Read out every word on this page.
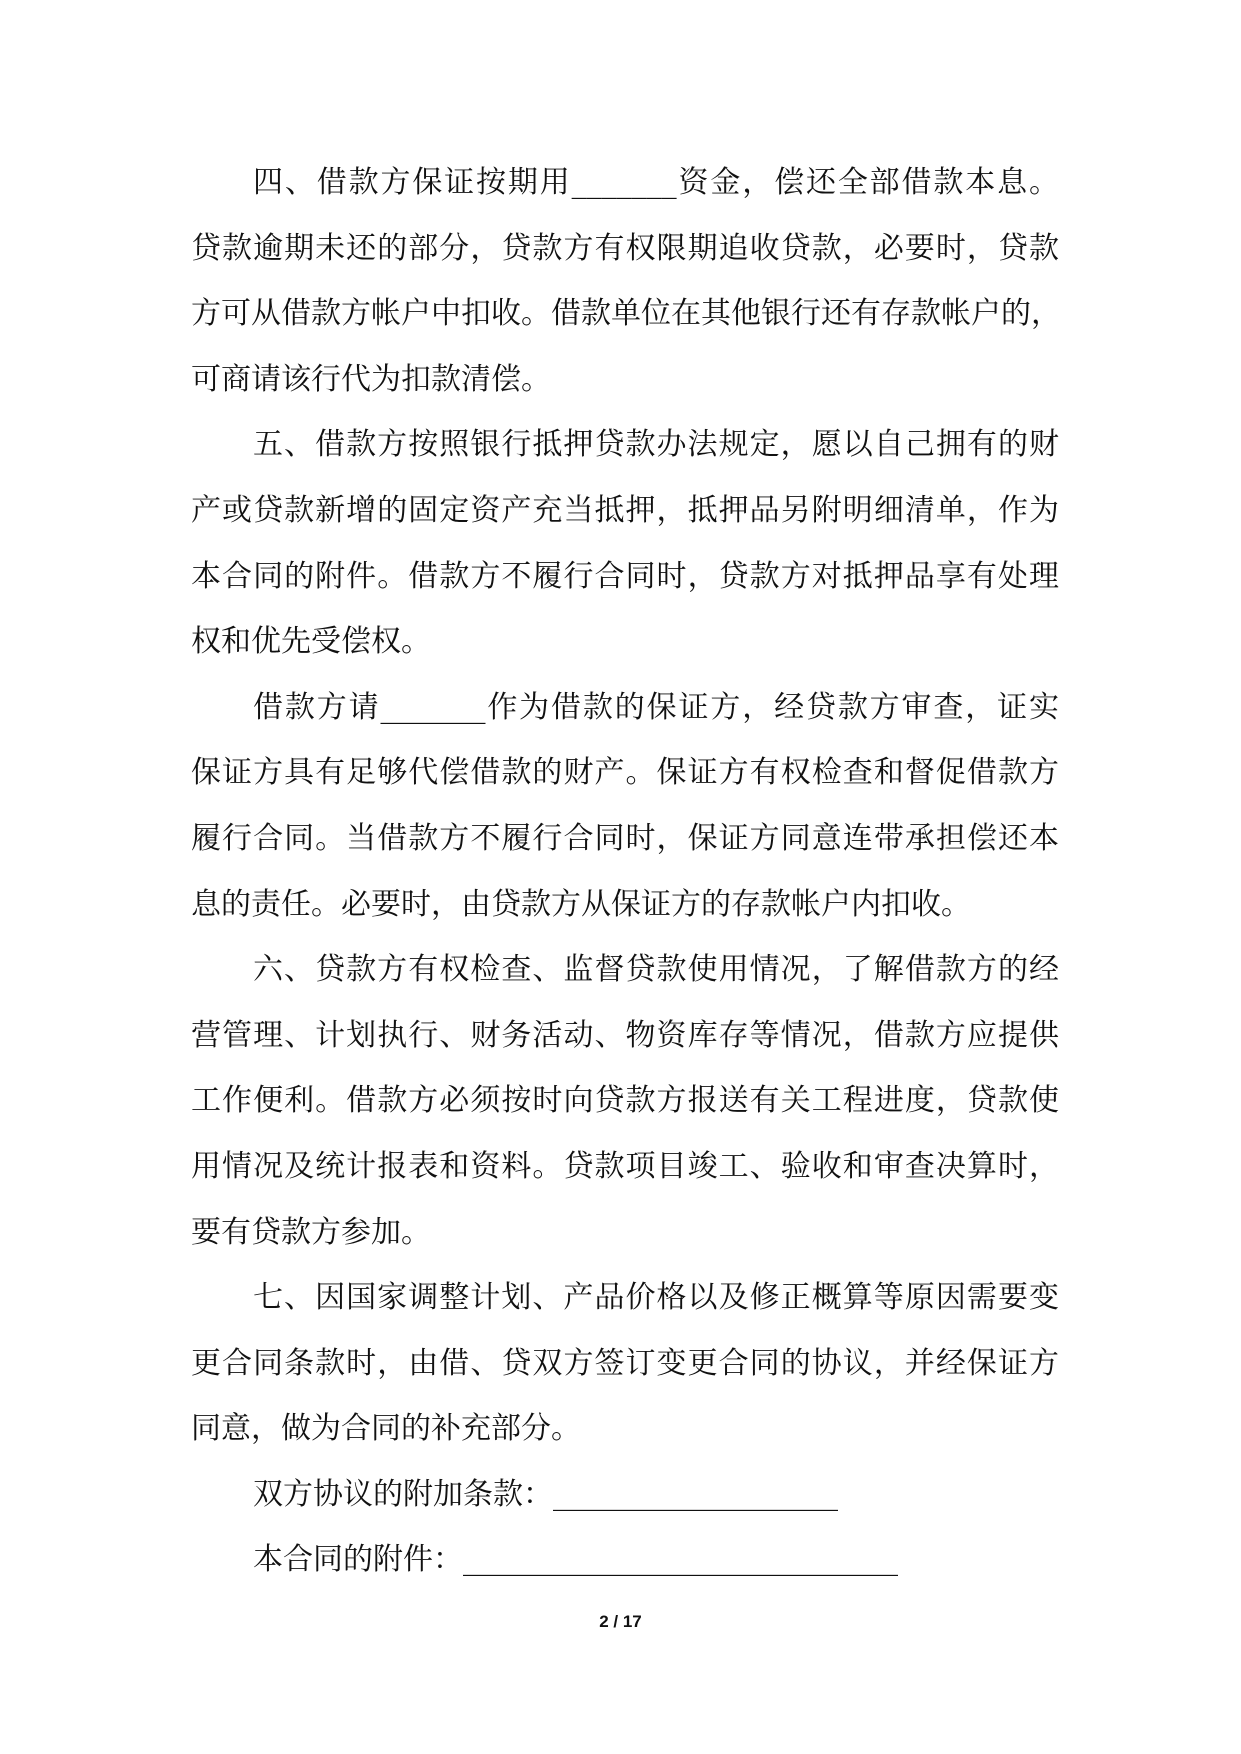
四、借款方保证按期用_______资金，偿还全部借款本息。
贷款逾期未还的部分，贷款方有权限期追收贷款，必要时，贷款
方可从借款方帐户中扣收。借款单位在其他银行还有存款帐户的，
可商请该行代为扣款清偿。
五、借款方按照银行抵押贷款办法规定，愿以自己拥有的财
产或贷款新增的固定资产充当抵押，抵押品另附明细清单，作为
本合同的附件。借款方不履行合同时，贷款方对抵押品享有处理
权和优先受偿权。
借款方请_______作为借款的保证方，经贷款方审查，证实
保证方具有足够代偿借款的财产。保证方有权检查和督促借款方
履行合同。当借款方不履行合同时，保证方同意连带承担偿还本
息的责任。必要时，由贷款方从保证方的存款帐户内扣收。
六、贷款方有权检查、监督贷款使用情况，了解借款方的经
营管理、计划执行、财务活动、物资库存等情况，借款方应提供
工作便利。借款方必须按时向贷款方报送有关工程进度，贷款使
用情况及统计报表和资料。贷款项目竣工、验收和审查决算时，
要有贷款方参加。
七、因国家调整计划、产品价格以及修正概算等原因需要变
更合同条款时，由借、贷双方签订变更合同的协议，并经保证方
同意，做为合同的补充部分。
双方协议的附加条款：___________________
本合同的附件：_____________________________
2 / 17
